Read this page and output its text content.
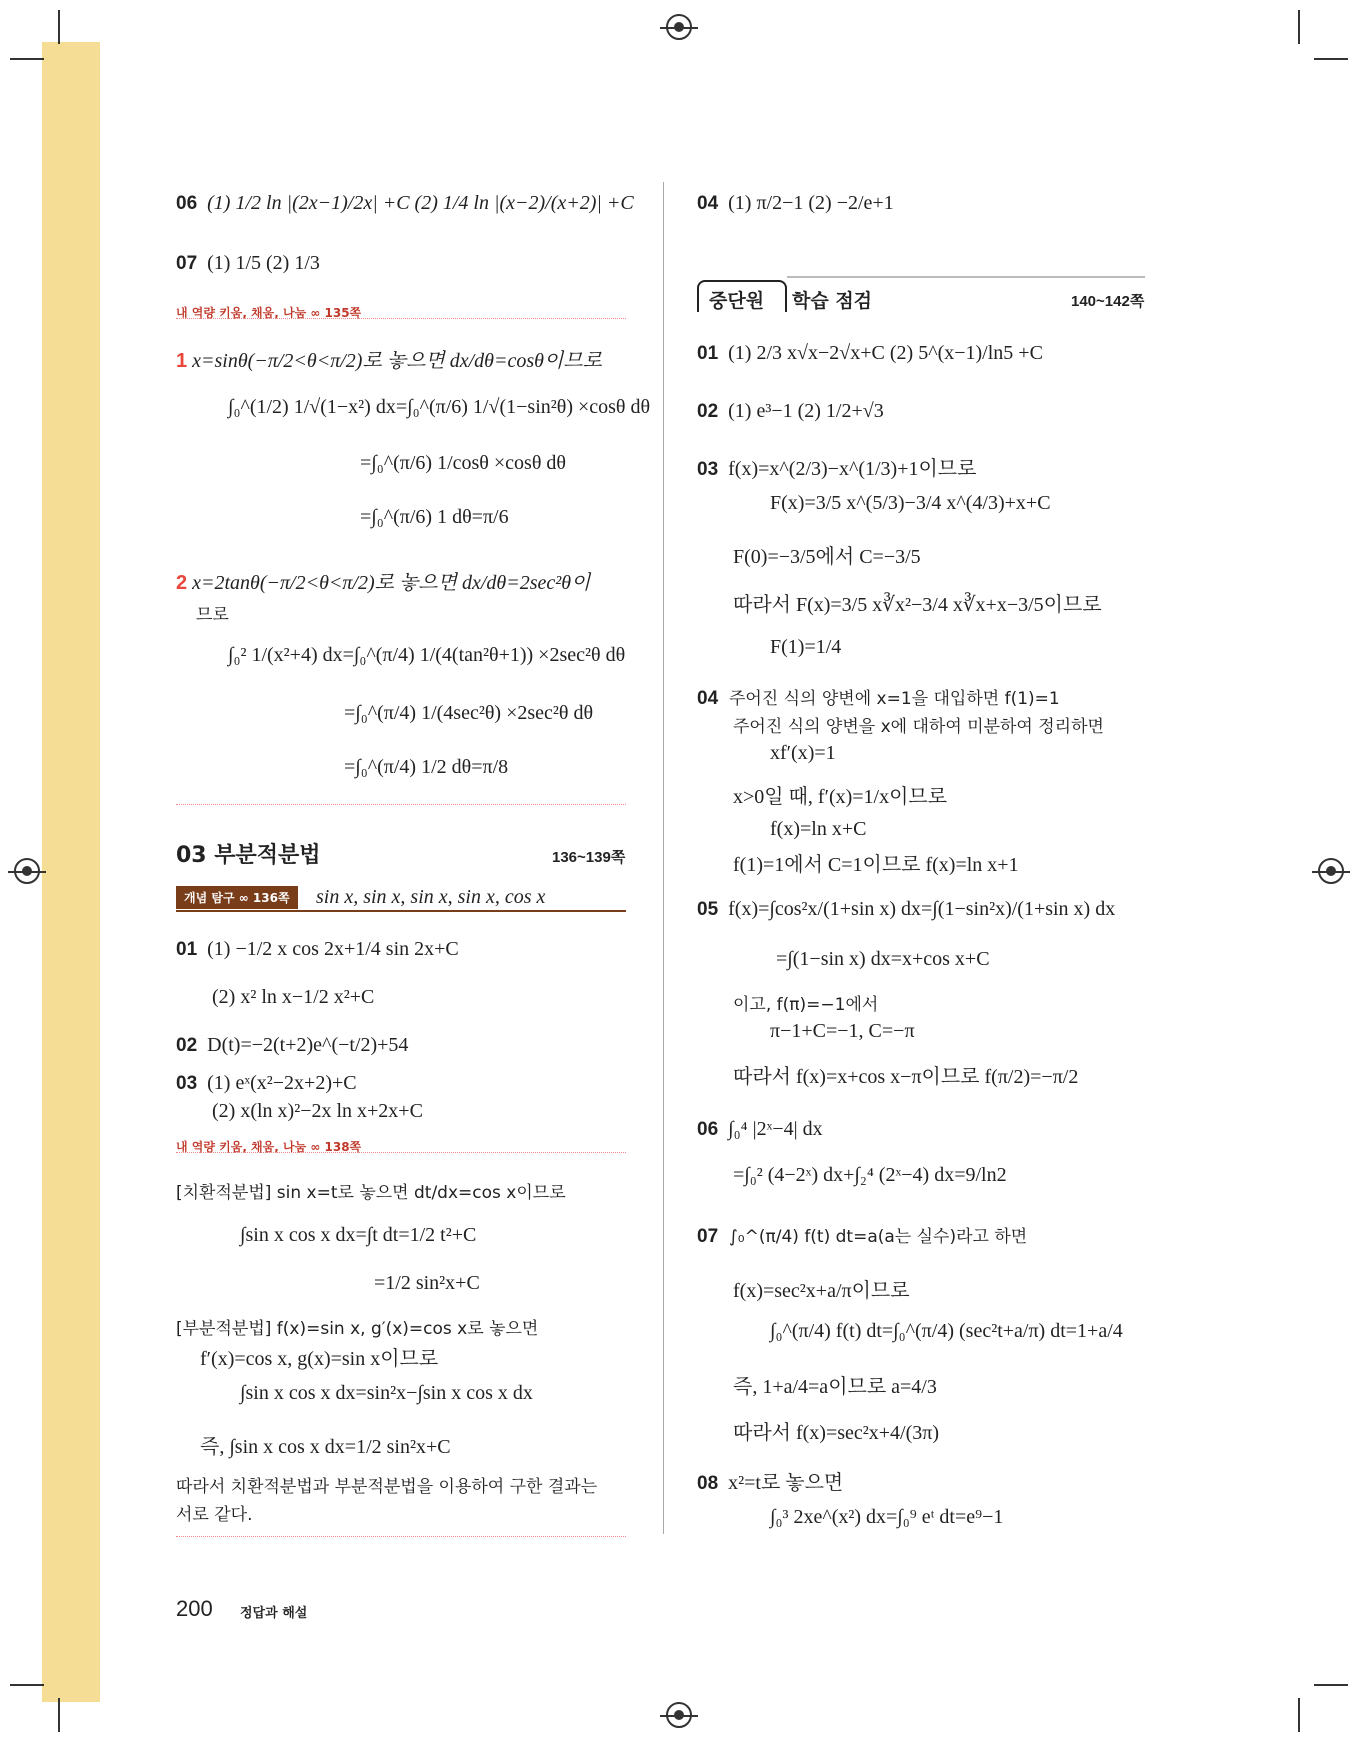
06 (1) 1/2 ln |(2x−1)/2x| +C (2) 1/4 ln |(x−2)/(x+2)| +C
07 (1) 1/5 (2) 1/3
내 역량 키움, 채움, 나눔 ∞ 135쪽
1 x=sinθ(−π/2<θ<π/2)로 놓으면 dx/dθ=cosθ이므로
∫₀^(1/2) 1/√(1−x²) dx=∫₀^(π/6) 1/√(1−sin²θ) ×cosθ dθ
=∫₀^(π/6) 1/cosθ ×cosθ dθ
=∫₀^(π/6) 1 dθ=π/6
2 x=2tanθ(−π/2<θ<π/2)로 놓으면 dx/dθ=2sec²θ이
므로
∫₀² 1/(x²+4) dx=∫₀^(π/4) 1/(4(tan²θ+1)) ×2sec²θ dθ
=∫₀^(π/4) 1/(4sec²θ) ×2sec²θ dθ
=∫₀^(π/4) 1/2 dθ=π/8
03 부분적분법	136~139쪽
개념 탐구 ∞ 136쪽	sin x, sin x, sin x, sin x, cos x
01 (1) −1/2 x cos 2x+1/4 sin 2x+C
(2) x² ln x−1/2 x²+C
02 D(t)=−2(t+2)e^(−t/2)+54
03 (1) eˣ(x²−2x+2)+C
(2) x(ln x)²−2x ln x+2x+C
내 역량 키움, 채움, 나눔 ∞ 138쪽
[치환적분법] sin x=t로 놓으면 dt/dx=cos x이므로
∫sin x cos x dx=∫t dt=1/2 t²+C
=1/2 sin²x+C
[부분적분법] f(x)=sin x, g′(x)=cos x로 놓으면
f′(x)=cos x, g(x)=sin x이므로
∫sin x cos x dx=sin²x−∫sin x cos x dx
즉, ∫sin x cos x dx=1/2 sin²x+C
따라서 치환적분법과 부분적분법을 이용하여 구한 결과는
서로 같다.
04 (1) π/2−1 (2) −2/e+1
중단원 학습 점검	140~142쪽
01 (1) 2/3 x√x−2√x+C (2) 5^(x−1)/ln5 +C
02 (1) e³−1 (2) 1/2+√3
03 f(x)=x^(2/3)−x^(1/3)+1이므로
F(x)=3/5 x^(5/3)−3/4 x^(4/3)+x+C
F(0)=−3/5에서 C=−3/5
따라서 F(x)=3/5 x∛x²−3/4 x∛x+x−3/5이므로
F(1)=1/4
04 주어진 식의 양변에 x=1을 대입하면 f(1)=1
주어진 식의 양변을 x에 대하여 미분하여 정리하면
xf′(x)=1
x>0일 때, f′(x)=1/x이므로
f(x)=ln x+C
f(1)=1에서 C=1이므로 f(x)=ln x+1
05 f(x)=∫cos²x/(1+sin x) dx=∫(1−sin²x)/(1+sin x) dx
=∫(1−sin x) dx=x+cos x+C
이고, f(π)=−1에서
π−1+C=−1, C=−π
따라서 f(x)=x+cos x−π이므로 f(π/2)=−π/2
06 ∫₀⁴ |2ˣ−4| dx
=∫₀² (4−2ˣ) dx+∫₂⁴ (2ˣ−4) dx=9/ln2
07 ∫₀^(π/4) f(t) dt=a(a는 실수)라고 하면
f(x)=sec²x+a/π이므로
∫₀^(π/4) f(t) dt=∫₀^(π/4) (sec²t+a/π) dt=1+a/4
즉, 1+a/4=a이므로 a=4/3
따라서 f(x)=sec²x+4/(3π)
08 x²=t로 놓으면
∫₀³ 2xe^(x²) dx=∫₀⁹ eᵗ dt=e⁹−1
200 정답과 해설
